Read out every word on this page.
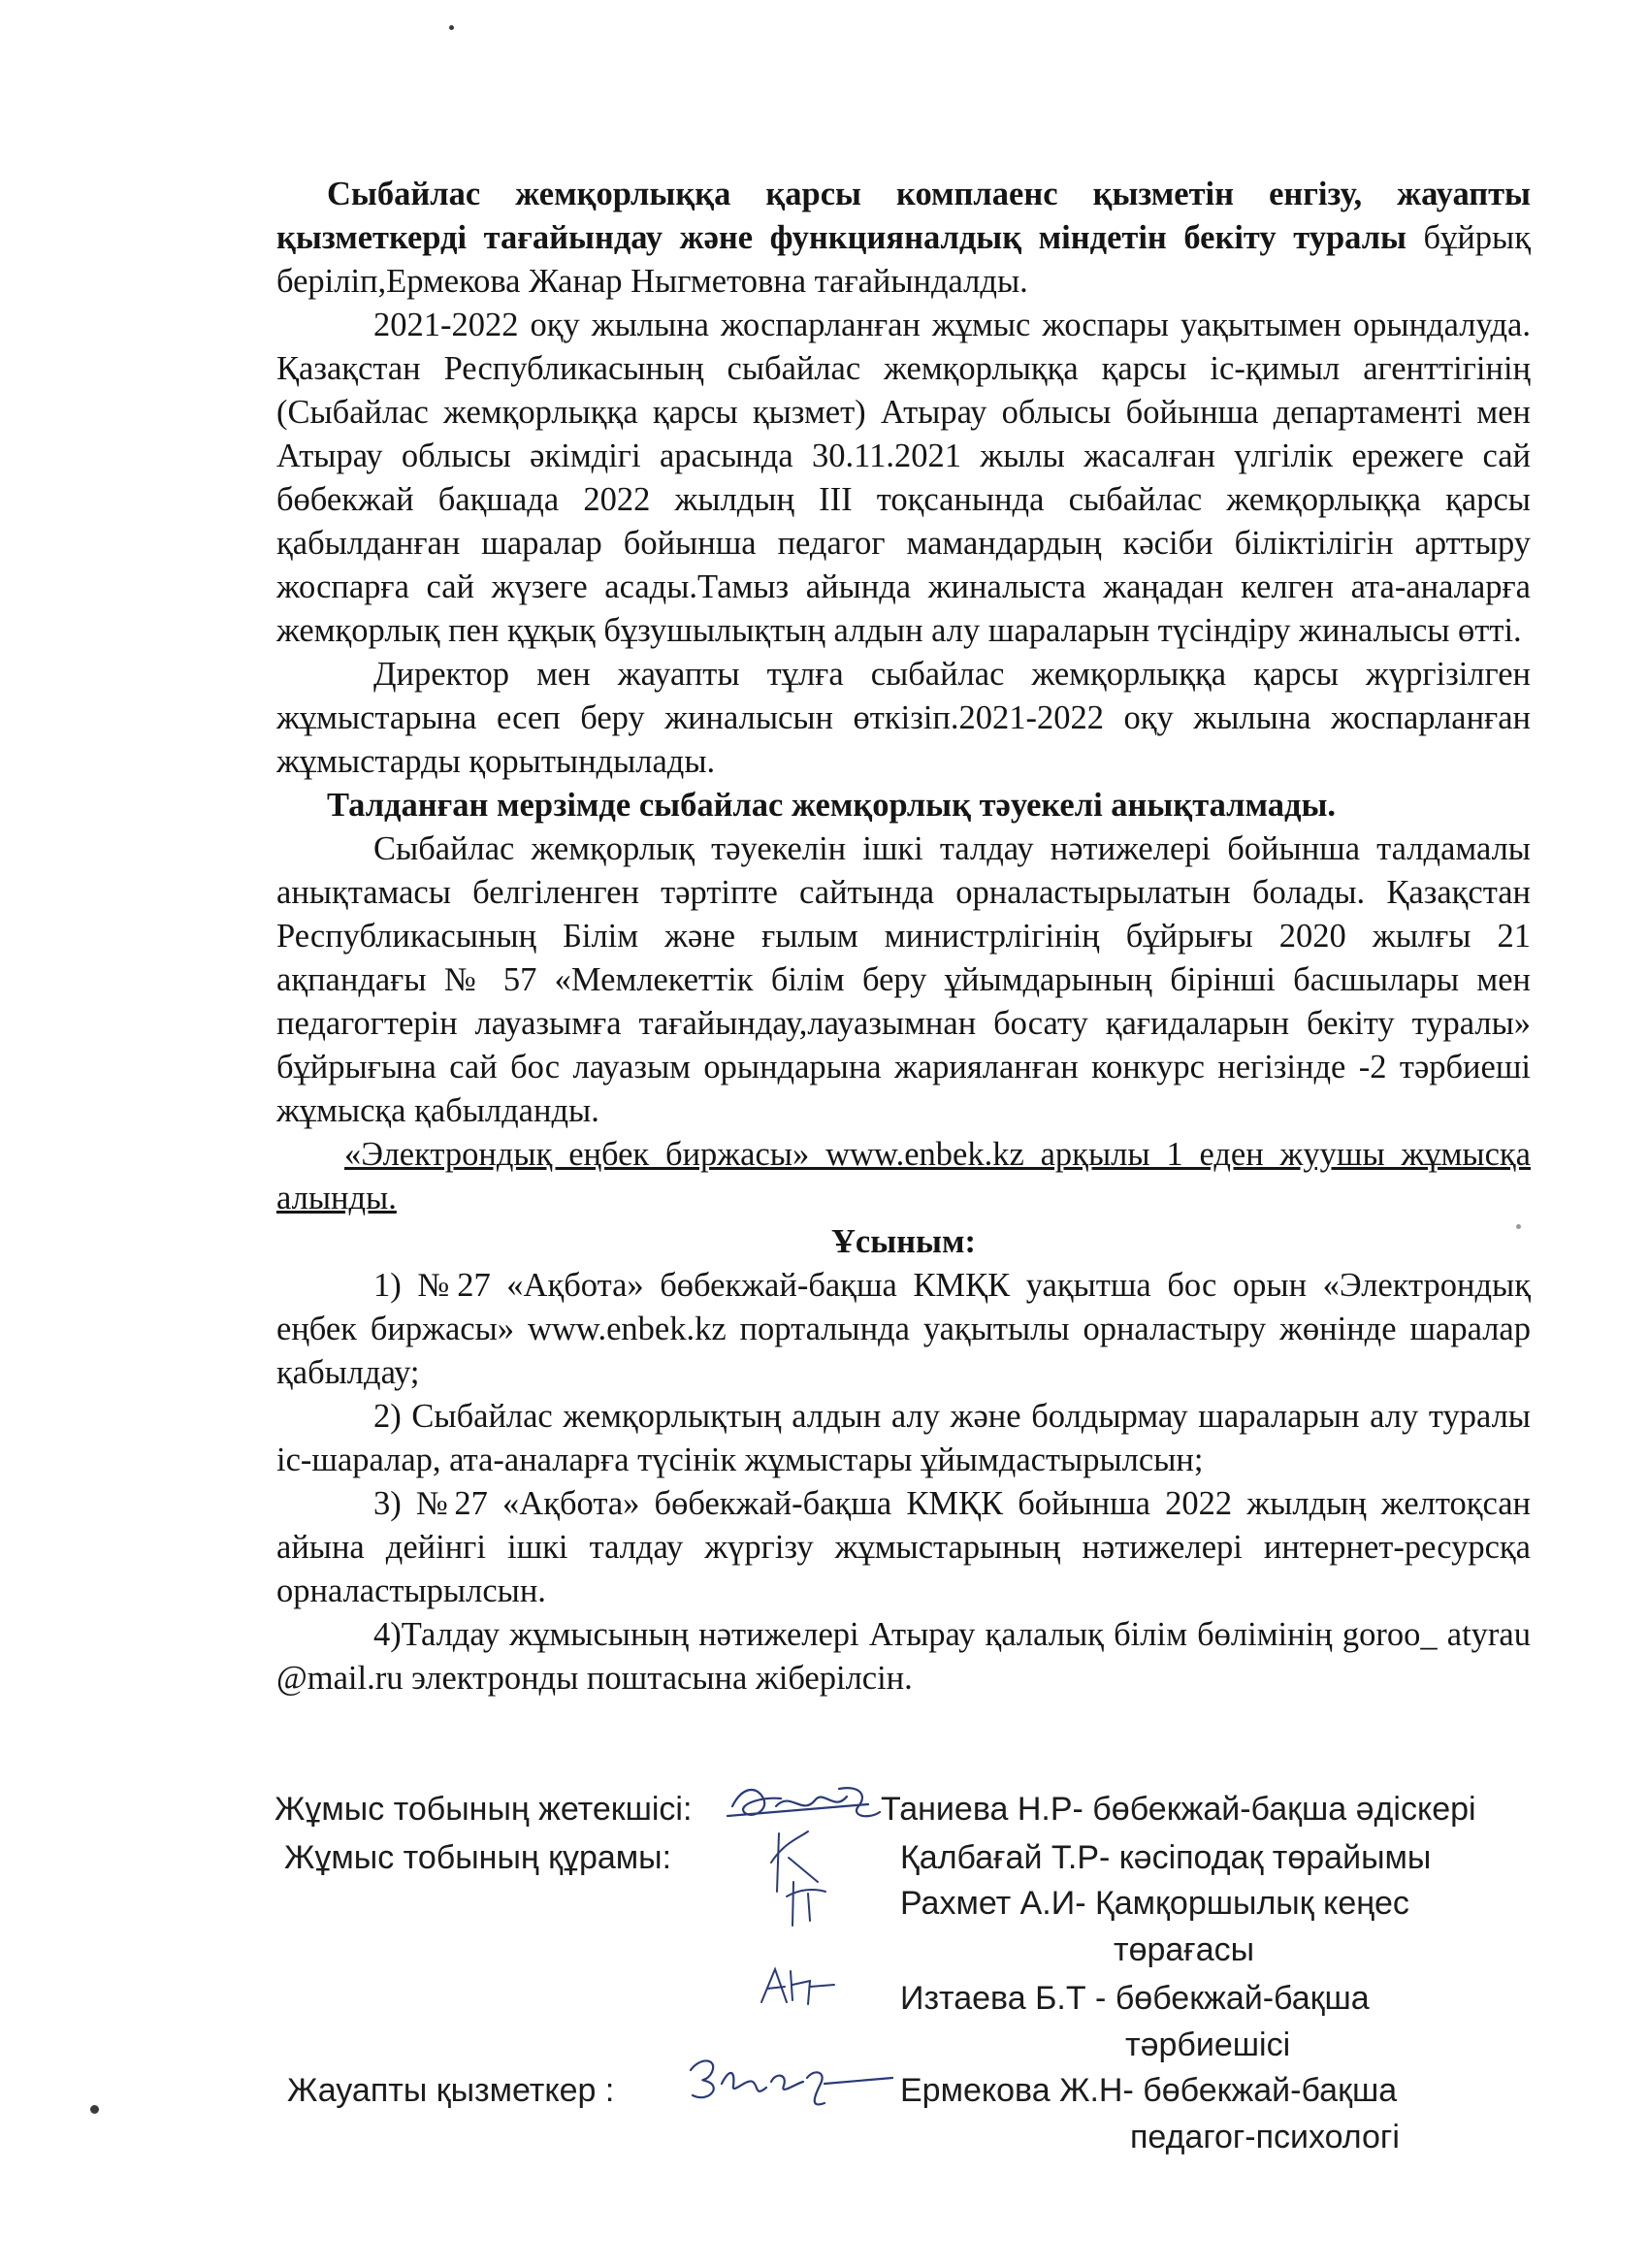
Сыбайлас жемқорлыққа қарсы комплаенс қызметін енгізу, жауапты қызметкерді тағайындау және функцияналдық міндетін бекіту туралы бұйрық беріліп,Ермекова Жанар Ныгметовна тағайындалды.

2021-2022 оқу жылына жоспарланған жұмыс жоспары уақытымен орындалуда. Қазақстан Республикасының сыбайлас жемқорлыққа қарсы іс-қимыл агенттігінің (Сыбайлас жемқорлыққа қарсы қызмет) Атырау облысы бойынша департаменті мен Атырау облысы әкімдігі арасында 30.11.2021 жылы жасалған үлгілік ережеге сай бөбекжай бақшада 2022 жылдың ІІІ тоқсанында сыбайлас жемқорлыққа қарсы қабылданған шаралар бойынша педагог мамандардың кәсіби біліктілігін арттыру жоспарға сай жүзеге асады.Тамыз айында жиналыста жаңадан келген ата-аналарға жемқорлық пен құқық бұзушылықтың алдын алу шараларын түсіндіру жиналысы өтті.

Директор мен жауапты тұлға сыбайлас жемқорлыққа қарсы жүргізілген жұмыстарына есеп беру жиналысын өткізіп.2021-2022 оқу жылына жоспарланған жұмыстарды қорытындылады.

Талданған мерзімде сыбайлас жемқорлық тәуекелі анықталмады.

Сыбайлас жемқорлық тәуекелін ішкі талдау нәтижелері бойынша талдамалы анықтамасы белгіленген тәртіпте сайтында орналастырылатын болады. Қазақстан Республикасының Білім және ғылым министрлігінің бұйрығы 2020 жылғы 21 ақпандағы № 57 «Мемлекеттік білім беру ұйымдарының бірінші басшылары мен педагогтерін лауазымға тағайындау,лауазымнан босату қағидаларын бекіту туралы» бұйрығына сай бос лауазым орындарына жарияланған конкурс негізінде -2 тәрбиеші жұмысқа қабылданды.

«Электрондық еңбек биржасы» www.enbek.kz арқылы 1 еден жуушы жұмысқа алынды.

Ұсыным:

1) №27 «Ақбота» бөбекжай-бақша КМҚК уақытша бос орын «Электрондық еңбек биржасы» www.enbek.kz порталында уақытылы орналастыру жөнінде шаралар қабылдау;

2) Сыбайлас жемқорлықтың алдын алу және болдырмау шараларын алу туралы іс-шаралар, ата-аналарға түсінік жұмыстары ұйымдастырылсын;

3) №27 «Ақбота» бөбекжай-бақша КМҚК бойынша 2022 жылдың желтоқсан айына дейінгі ішкі талдау жүргізу жұмыстарының нәтижелері интернет-ресурсқа орналастырылсын.

4)Талдау жұмысының нәтижелері Атырау қалалық білім бөлімінің goroo_ atyrau @mail.ru электронды поштасына жіберілсін.

Жұмыс тобының жетекшісі:	Таниева Н.Р- бөбекжай-бақша әдіскері
Жұмыс тобының құрамы:	Қалбағай Т.Р- кәсіподақ төрайымы
Рахмет А.И- Қамқоршылық кеңес
төрағасы
Изтаева Б.Т - бөбекжай-бақша
тәрбиешісі
Жауапты қызметкер :	Ермекова Ж.Н- бөбекжай-бақша
педагог-психологі
